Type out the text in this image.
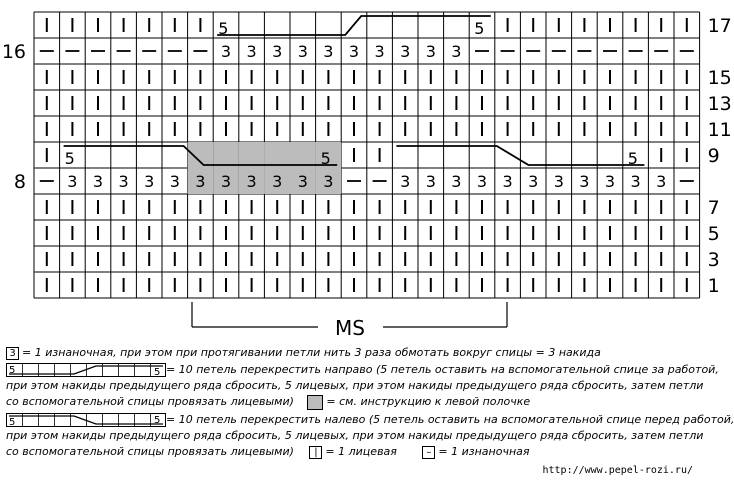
3 3 3 3 3 3 3 3 3 3
3 3 3 3 3 3 3 3 3 3 3	3 3 3 3 3 3 3 3 3 3 3
5	5
5	5	5
17
15
13
11
9
7
5
3
1
16
8
MS
3 = 1 изнаночная, при этом при протягивании петли нить 3 раза обмотать вокруг спицы = 3 накида
5	5 = 10 петель перекрестить направо (5 петель оставить на вспомогательной спице за работой,
при этом накиды предыдущего ряда сбросить, 5 лицевых, при этом накиды предыдущего ряда сбросить, затем петли
со вспомогательной спицы провязать лицевыми)	= см. инструкцию к левой полочке
5	5 = 10 петель перекрестить налево (5 петель оставить на вспомогательной спице перед работой,
при этом накиды предыдущего ряда сбросить, 5 лицевых, при этом накиды предыдущего ряда сбросить, затем петли
со вспомогательной спицы провязать лицевыми) | = 1 лицевая	– = 1 изнаночная
http://www.pepel-rozi.ru/
